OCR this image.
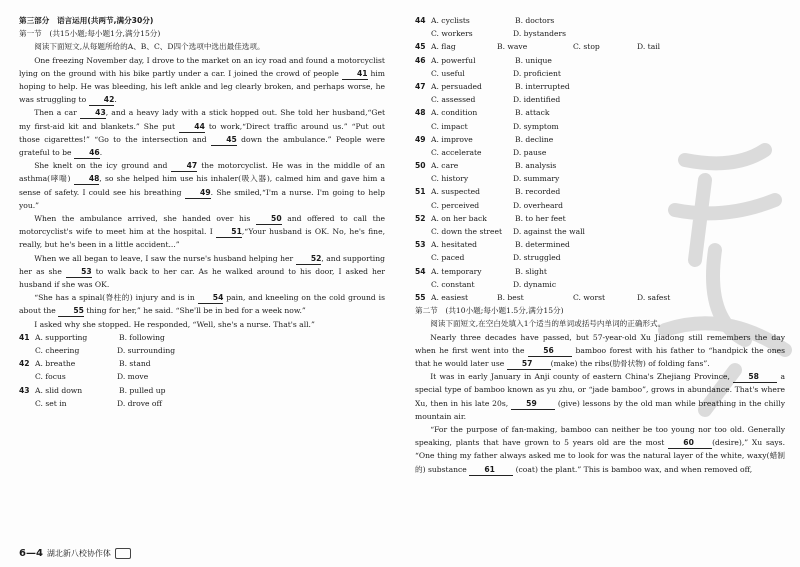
第三部分　语言运用(共两节,满分30分)

第一节　(共15小题;每小题1分,满分15分)

阅读下面短文,从每题所给的A、B、C、D四个选项中选出最佳选项。

One freezing November day, I drove to the market on an icy road and found a motorcyclist lying on the ground with his bike partly under a car. I joined the crowd of people 41 him hoping to help. He was bleeding, his left ankle and leg clearly broken, and perhaps worse, he was struggling to 42.

Then a car 43, and a heavy lady with a stick hopped out. She told her husband,“Get my first-aid kit and blankets.” She put	44 to work,“Direct traffic around us.” “Put out those cigarettes!” “Go to the intersection and	45 down the ambulance.” People were grateful to be 46.

She knelt on the icy ground and	47 the motorcyclist. He was in the middle of an asthma(哮喘) 48, so she helped him use his inhaler(吸入器), calmed him and gave him a sense of safety. I could see his breathing 49. She smiled,“I'm a nurse. I'm going to help you.”

When the ambulance arrived, she handed over his	50 and offered to call the motorcyclist's wife to meet him at the hospital. I 51,“Your husband is OK. No, he's fine, really, but he's been in a little accident...”

When we all began to leave, I saw the nurse's husband helping her 52, and supporting her as she	53 to walk back to her car. As he walked around to his door, I asked her husband if she was OK.

“She has a spinal(脊柱的) injury and is in 54 pain, and kneeling on the cold ground is about the 55 thing for her,” he said. “She'll be in bed for a week now.”

I asked why she stopped. He responded, “Well, she's a nurse. That's all.”

41 A. supporting	B. following
C. cheering	D. surrounding
42 A. breathe	B. stand
C. focus	D. move
43 A. slid down	B. pulled up
C. set in	D. drove off
44 A. cyclists	B. doctors
C. workers	D. bystanders
45 A. flag	B. wave	C. stop	D. tail
46 A. powerful	B. unique
C. useful	D. proficient
47 A. persuaded	B. interrupted
C. assessed	D. identified
48 A. condition	B. attack
C. impact	D. symptom
49 A. improve	B. decline
C. accelerate	D. pause
50 A. care	B. analysis
C. history	D. summary
51 A. suspected	B. recorded
C. perceived	D. overheard
52 A. on her back	B. to her feet
C. down the street	D. against the wall
53 A. hesitated	B. determined
C. paced	D. struggled
54 A. temporary	B. slight
C. constant	D. dynamic
55 A. easiest	B. best	C. worst	D. safest

第二节　(共10小题;每小题1.5分,满分15分)

阅读下面短文,在空白处填入1个适当的单词或括号内单词的正确形式。

Nearly three decades have passed, but 57-year-old Xu Jiadong still remembers the day when he first went into the 56	bamboo forest with his father to “handpick the ones that he would later use 57 (make) the ribs(肋骨状物) of folding fans”.

It was in early January in Anji county of eastern China's Zhejiang Province, 58	a special type of bamboo known as yu zhu, or “jade bamboo”, grows in abundance. That's where Xu, then in his late 20s, 59	(give) lessons by the old man while breathing in the chilly mountain air.

“For the purpose of fan-making, bamboo can neither be too young nor too old. Generally speaking, plants that have grown to 5 years old are the most 60 (desire),” Xu says. “One thing my father always asked me to look for was the natural layer of the white, waxy(蜡制的) substance 61	(coat) the plant.” This is bamboo wax, and when removed off,

6—4 湖北新八校协作体
